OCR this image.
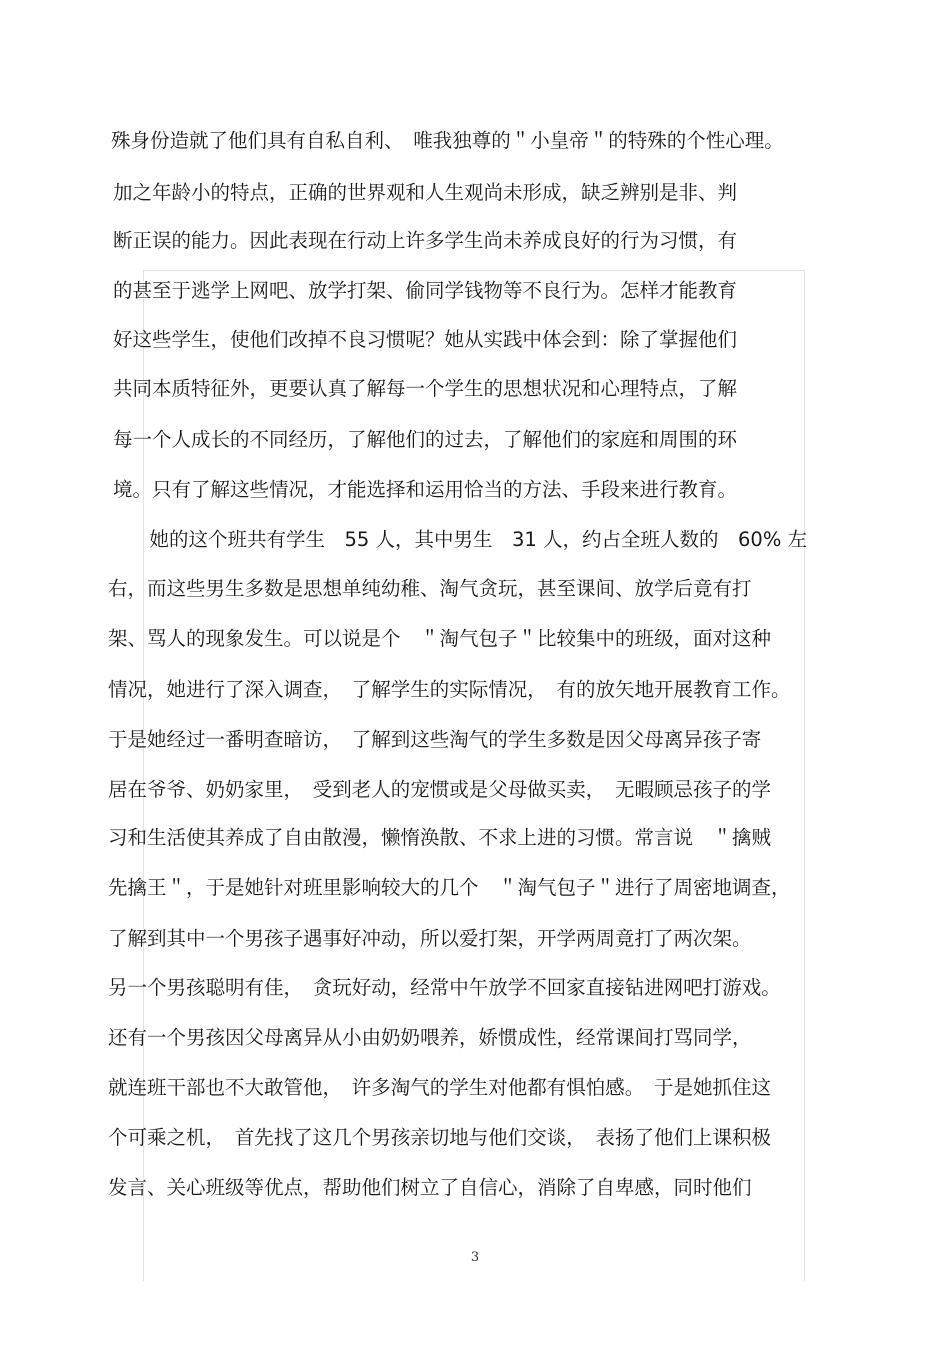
殊身份造就了他们具有自私自利、　唯我独尊的＂小皇帝＂的特殊的个性心理。

加之年龄小的特点，正确的世界观和人生观尚未形成，缺乏辨别是非、判

断正误的能力。因此表现在行动上许多学生尚未养成良好的行为习惯，有

的甚至于逃学上网吧、放学打架、偷同学钱物等不良行为。怎样才能教育

好这些学生，使他们改掉不良习惯呢？她从实践中体会到：除了掌握他们

共同本质特征外，更要认真了解每一个学生的思想状况和心理特点，了解

每一个人成长的不同经历，了解他们的过去，了解他们的家庭和周围的环

境。只有了解这些情况，才能选择和运用恰当的方法、手段来进行教育。

　她的这个班共有学生　55 人，其中男生　31 人，约占全班人数的　60% 左

右，而这些男生多数是思想单纯幼稚、淘气贪玩，甚至课间、放学后竟有打

架、骂人的现象发生。可以说是个　＂淘气包子＂比较集中的班级，面对这种

情况，她进行了深入调查，　了解学生的实际情况，　有的放矢地开展教育工作。

于是她经过一番明查暗访，　了解到这些淘气的学生多数是因父母离异孩子寄

居在爷爷、奶奶家里，　受到老人的宠惯或是父母做买卖，　无暇顾忌孩子的学

习和生活使其养成了自由散漫，懒惰涣散、不求上进的习惯。常言说　＂擒贼

先擒王＂，于是她针对班里影响较大的几个　＂淘气包子＂进行了周密地调查，

了解到其中一个男孩子遇事好冲动，所以爱打架，开学两周竟打了两次架。

另一个男孩聪明有佳，　贪玩好动，经常中午放学不回家直接钻进网吧打游戏。

还有一个男孩因父母离异从小由奶奶喂养，娇惯成性，经常课间打骂同学，

就连班干部也不大敢管他，　许多淘气的学生对他都有惧怕感。　于是她抓住这

个可乘之机，　首先找了这几个男孩亲切地与他们交谈，　表扬了他们上课积极

发言、关心班级等优点，帮助他们树立了自信心，消除了自卑感，同时他们

3
